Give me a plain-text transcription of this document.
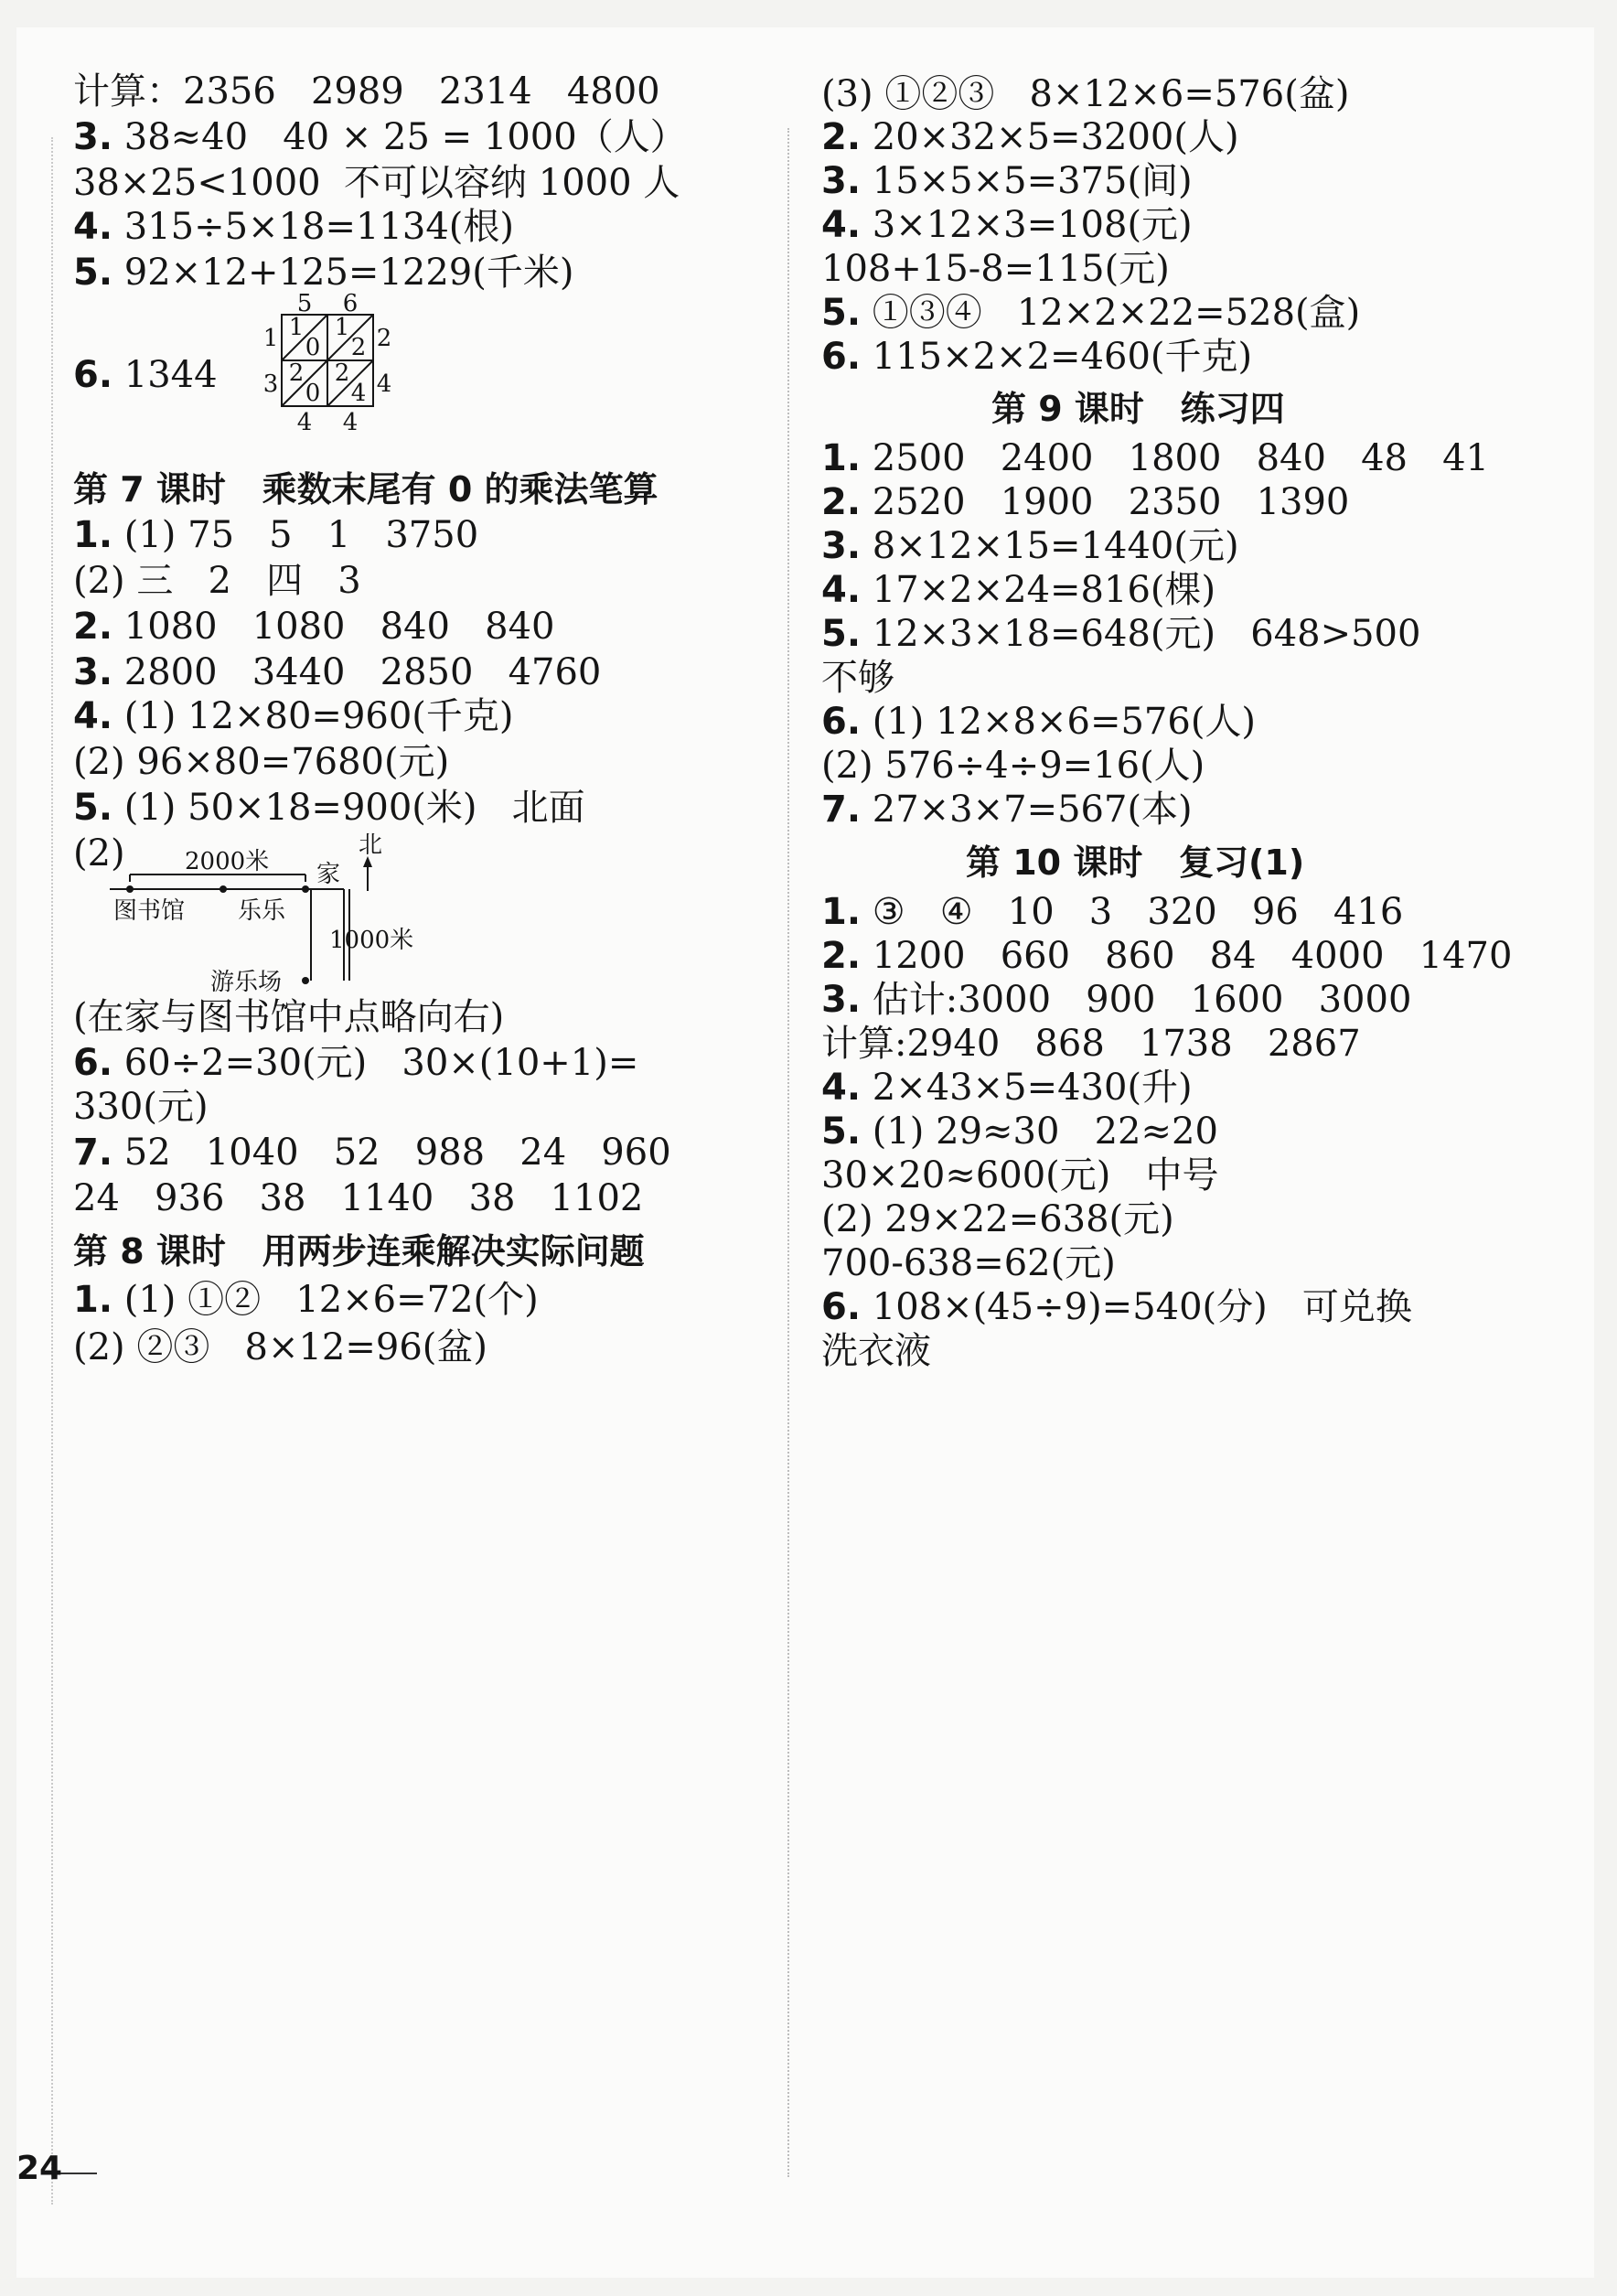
计算：2356   2989   2314   4800
3. 38≈40   40 × 25 = 1000（人）
38×25<1000  不可以容纳 1000 人
4. 315÷5×18=1134(根)
5. 92×12+125=1229(千米)
6. 1344
5 6
1
3
2
4
4 4
1
0
1
2
2
0
2
4
第 7 课时   乘数末尾有 0 的乘法笔算
1. (1) 75   5   1   3750
(2) 三   2   四   3
2. 1080   1080   840   840
3. 2800   3440   2850   4760
4. (1) 12×80=960(千克)
(2) 96×80=7680(元)
5. (1) 50×18=900(米)   北面
(2)	2000米 家
北
图书馆 乐乐
1000米
游乐场
(在家与图书馆中点略向右)
6. 60÷2=30(元)   30×(10+1)=
330(元)
7. 52   1040   52   988   24   960
24   936   38   1140   38   1102
第 8 课时   用两步连乘解决实际问题
1. (1) ①②   12×6=72(个)
(2) ②③   8×12=96(盆)
(3) ①②③   8×12×6=576(盆)
2. 20×32×5=3200(人)
3. 15×5×5=375(间)
4. 3×12×3=108(元)
108+15-8=115(元)
5. ①③④   12×2×22=528(盒)
6. 115×2×2=460(千克)
第 9 课时   练习四
1. 2500   2400   1800   840   48   41
2. 2520   1900   2350   1390
3. 8×12×15=1440(元)
4. 17×2×24=816(棵)
5. 12×3×18=648(元)   648>500
不够
6. (1) 12×8×6=576(人)
(2) 576÷4÷9=16(人)
7. 27×3×7=567(本)
第 10 课时   复习(1)
1. ③   ④   10   3   320   96   416
2. 1200   660   860   84   4000   1470
3. 估计:3000   900   1600   3000
计算:2940   868   1738   2867
4. 2×43×5=430(升)
5. (1) 29≈30   22≈20
30×20≈600(元)   中号
(2) 29×22=638(元)
700-638=62(元)
6. 108×(45÷9)=540(分)   可兑换
洗衣液
24
